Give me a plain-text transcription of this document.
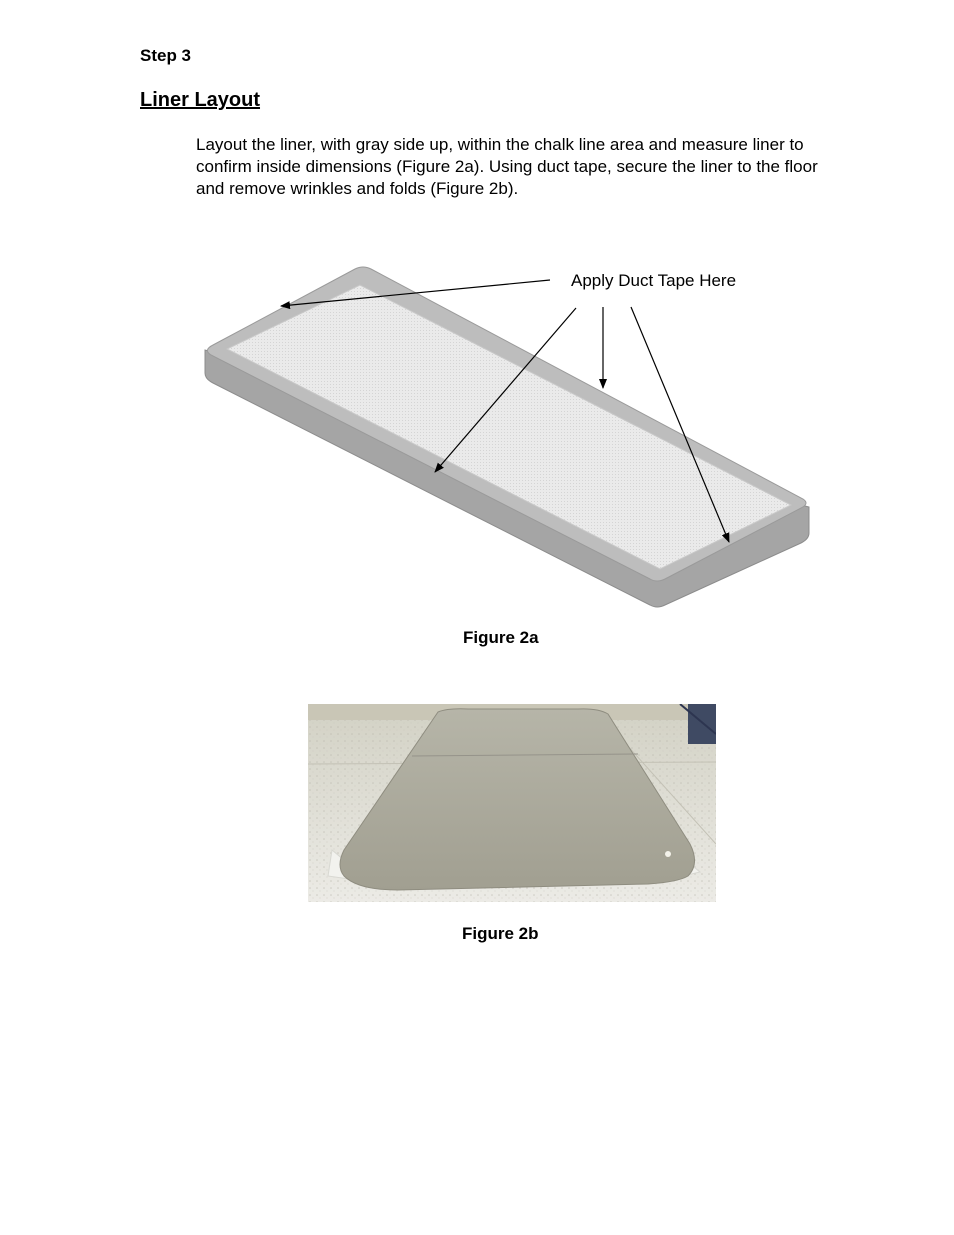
Step 3

Liner Layout

Layout the liner, with gray side up, within the chalk line area and measure liner to confirm inside dimensions (Figure 2a). Using duct tape, secure the liner to the floor and remove wrinkles and folds (Figure 2b).

Apply Duct Tape Here

Figure 2a

Figure 2b
